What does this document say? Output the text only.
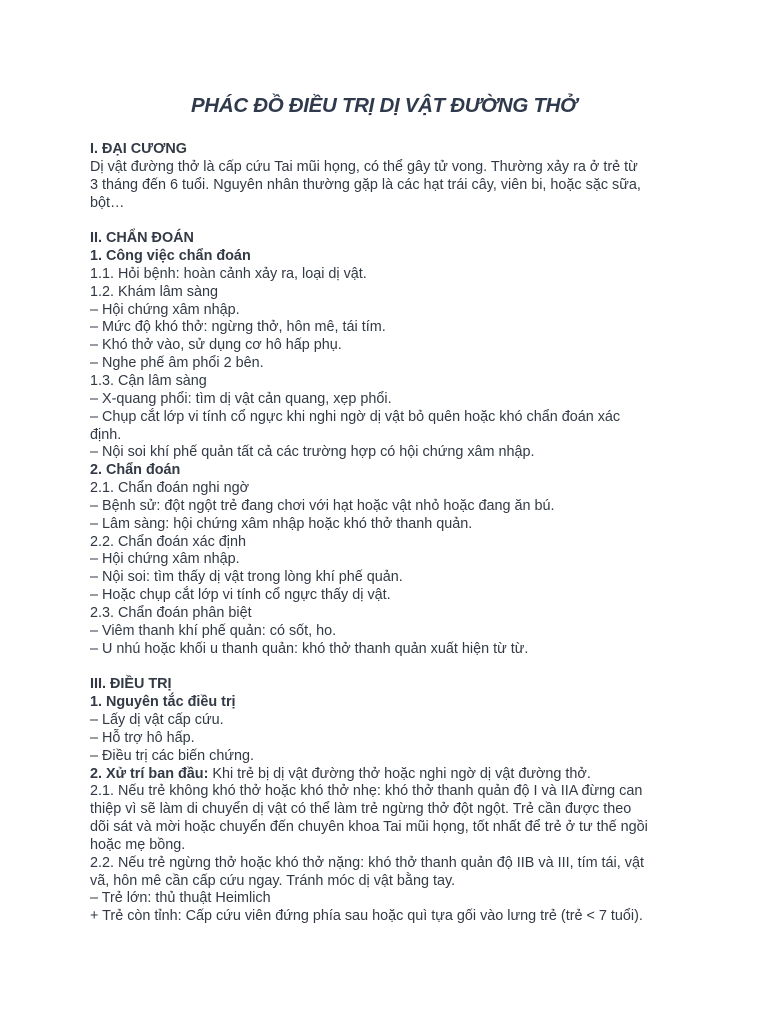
PHÁC ĐỒ ĐIỀU TRỊ DỊ VẬT ĐƯỜNG THỞ
I. ĐẠI CƯƠNG
Dị vật đường thở là cấp cứu Tai mũi họng, có thể gây tử vong. Thường xảy ra ở trẻ từ
3 tháng đến 6 tuổi. Nguyên nhân thường gặp là các hạt trái cây, viên bi, hoặc sặc sữa,
bột…
II. CHẨN ĐOÁN
1. Công việc chẩn đoán
1.1. Hỏi bệnh: hoàn cảnh xảy ra, loại dị vật.
1.2. Khám lâm sàng
– Hội chứng xâm nhập.
– Mức độ khó thở: ngừng thở, hôn mê, tái tím.
– Khó thở vào, sử dụng cơ hô hấp phụ.
– Nghe phế âm phổi 2 bên.
1.3. Cận lâm sàng
– X-quang phổi: tìm dị vật cản quang, xẹp phổi.
– Chụp cắt lớp vi tính cổ ngực khi nghi ngờ dị vật bỏ quên hoặc khó chẩn đoán xác
định.
– Nội soi khí phế quản tất cả các trường hợp có hội chứng xâm nhập.
2. Chẩn đoán
2.1. Chẩn đoán nghi ngờ
– Bệnh sử: đột ngột trẻ đang chơi với hạt hoặc vật nhỏ hoặc đang ăn bú.
– Lâm sàng: hội chứng xâm nhập hoặc khó thở thanh quản.
2.2. Chẩn đoán xác định
– Hội chứng xâm nhập.
– Nội soi: tìm thấy dị vật trong lòng khí phế quản.
– Hoặc chụp cắt lớp vi tính cổ ngực thấy dị vật.
2.3. Chẩn đoán phân biệt
– Viêm thanh khí phế quản: có sốt, ho.
– U nhú hoặc khối u thanh quản: khó thở thanh quản xuất hiện từ từ.
III. ĐIỀU TRỊ
1. Nguyên tắc điều trị
– Lấy dị vật cấp cứu.
– Hỗ trợ hô hấp.
– Điều trị các biến chứng.
2. Xử trí ban đầu: Khi trẻ bị dị vật đường thở hoặc nghi ngờ dị vật đường thở.
2.1. Nếu trẻ không khó thở hoặc khó thở nhẹ: khó thở thanh quản độ I và IIA đừng can
thiệp vì sẽ làm di chuyển dị vật có thể làm trẻ ngừng thở đột ngột. Trẻ cần được theo
dõi sát và mời hoặc chuyển đến chuyên khoa Tai mũi họng, tốt nhất để trẻ ở tư thế ngồi
hoặc mẹ bồng.
2.2. Nếu trẻ ngừng thở hoặc khó thở nặng: khó thở thanh quản độ IIB và III, tím tái, vật
vã, hôn mê cần cấp cứu ngay. Tránh móc dị vật bằng tay.
– Trẻ lớn: thủ thuật Heimlich
+ Trẻ còn tỉnh: Cấp cứu viên đứng phía sau hoặc quì tựa gối vào lưng trẻ (trẻ < 7 tuổi).
